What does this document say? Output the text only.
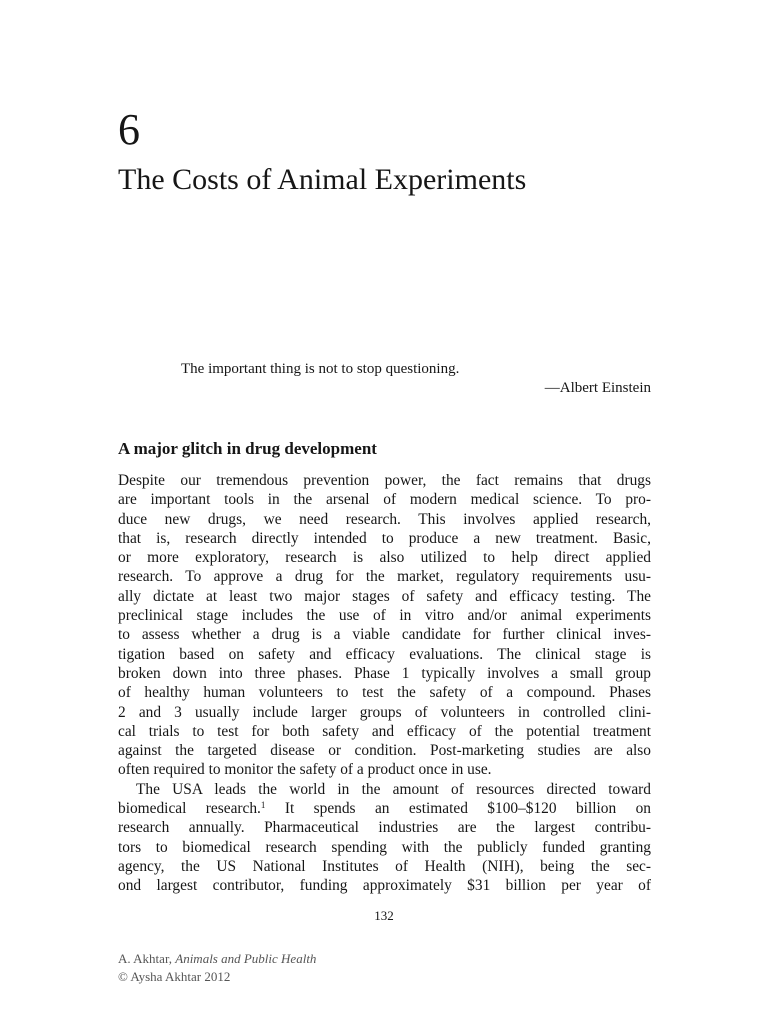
6
The Costs of Animal Experiments
The important thing is not to stop questioning.
—Albert Einstein
A major glitch in drug development
Despite our tremendous prevention power, the fact remains that drugs
are important tools in the arsenal of modern medical science. To pro-
duce new drugs, we need research. This involves applied research,
that is, research directly intended to produce a new treatment. Basic,
or more exploratory, research is also utilized to help direct applied
research. To approve a drug for the market, regulatory requirements usu-
ally dictate at least two major stages of safety and efficacy testing. The
preclinical stage includes the use of in vitro and/or animal experiments
to assess whether a drug is a viable candidate for further clinical inves-
tigation based on safety and efficacy evaluations. The clinical stage is
broken down into three phases. Phase 1 typically involves a small group
of healthy human volunteers to test the safety of a compound. Phases
2 and 3 usually include larger groups of volunteers in controlled clini-
cal trials to test for both safety and efficacy of the potential treatment
against the targeted disease or condition. Post-marketing studies are also
often required to monitor the safety of a product once in use.
The USA leads the world in the amount of resources directed toward
biomedical research.$^1$ It spends an estimated $100–$120 billion on
research annually. Pharmaceutical industries are the largest contribu-
tors to biomedical research spending with the publicly funded granting
agency, the US National Institutes of Health (NIH), being the sec-
ond largest contributor, funding approximately $31 billion per year of
132
A. Akhtar, Animals and Public Health
© Aysha Akhtar 2012
